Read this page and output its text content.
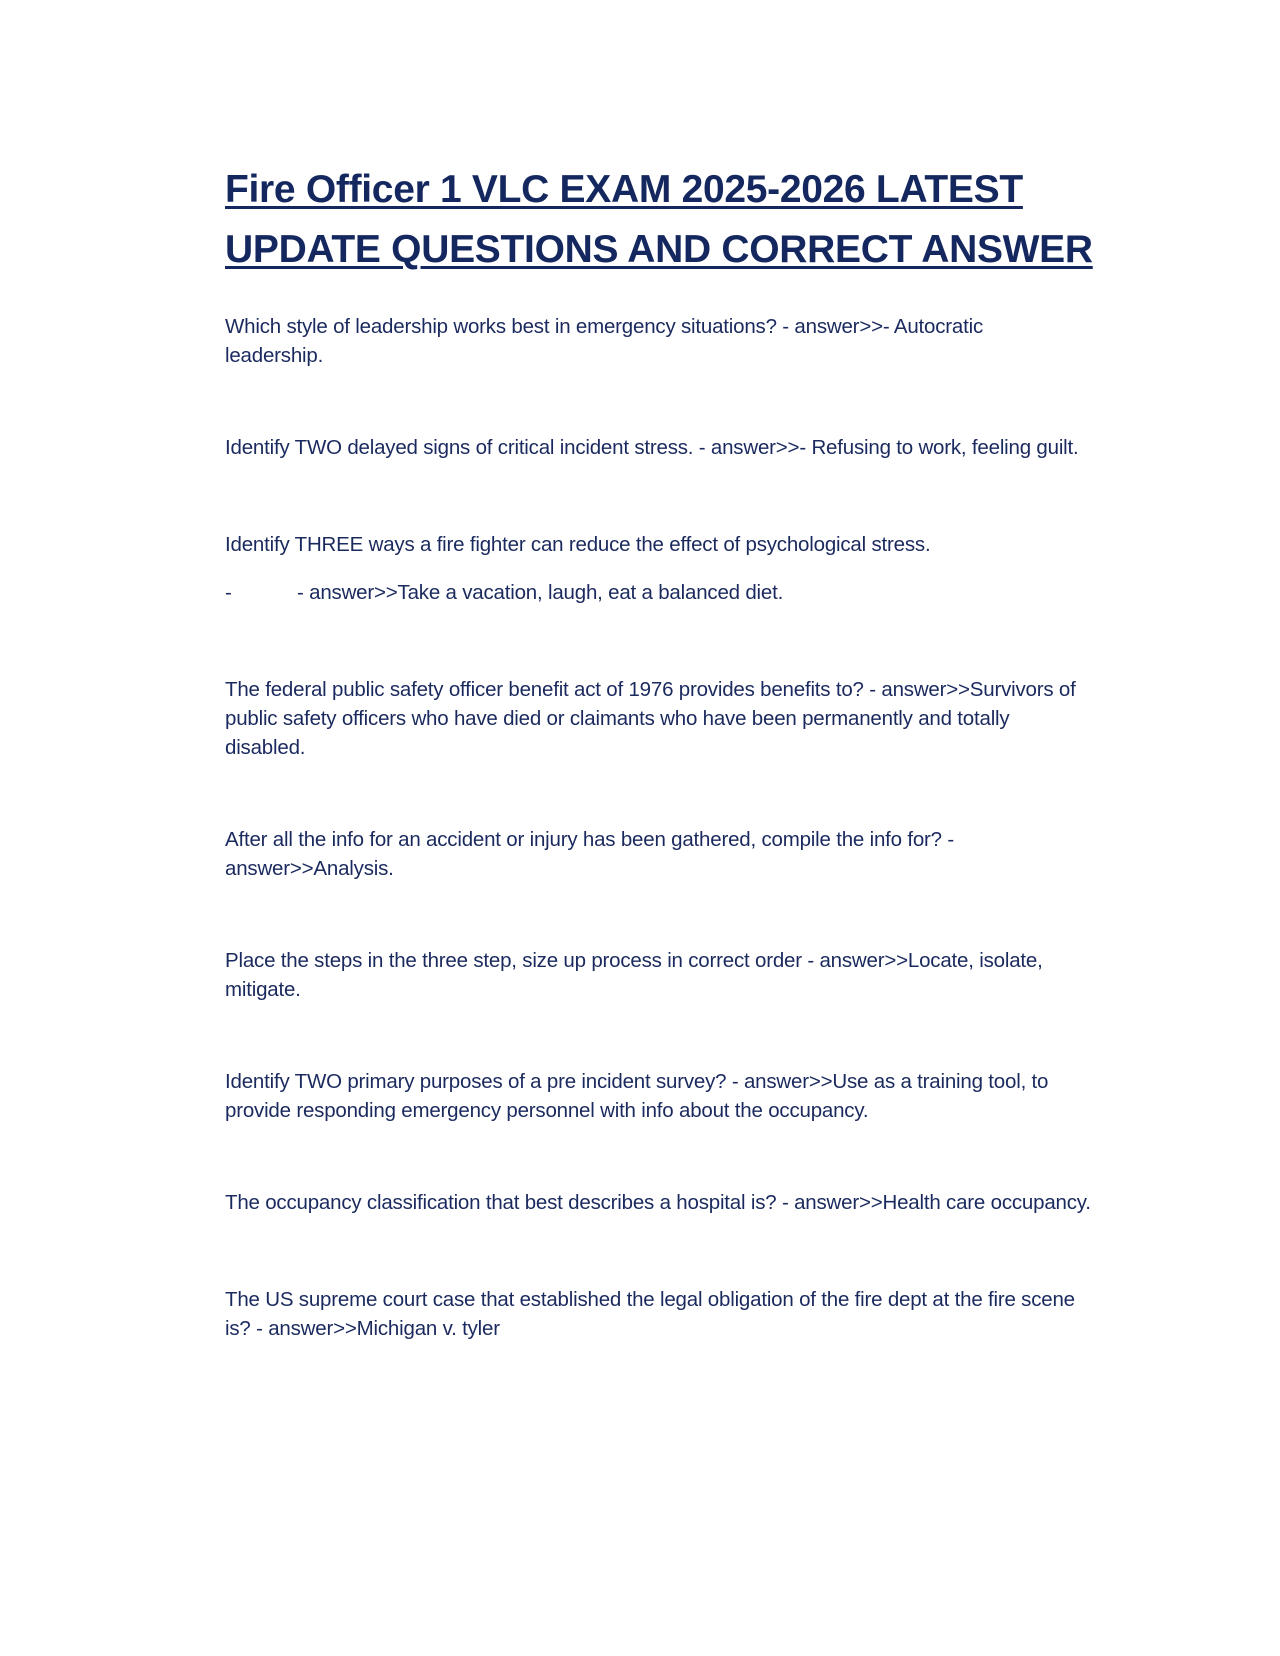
Fire Officer 1 VLC EXAM 2025-2026 LATEST
UPDATE QUESTIONS AND CORRECT ANSWER
Which style of leadership works best in emergency situations? - answer>>- Autocratic
leadership.
Identify TWO delayed signs of critical incident stress. - answer>>- Refusing to work, feeling guilt.
Identify THREE ways a fire fighter can reduce the effect of psychological stress.
-	- answer>>Take a vacation, laugh, eat a balanced diet.
The federal public safety officer benefit act of 1976 provides benefits to? - answer>>Survivors of
public safety officers who have died or claimants who have been permanently and totally
disabled.
After all the info for an accident or injury has been gathered, compile the info for? -
answer>>Analysis.
Place the steps in the three step, size up process in correct order - answer>>Locate, isolate,
mitigate.
Identify TWO primary purposes of a pre incident survey? - answer>>Use as a training tool, to
provide responding emergency personnel with info about the occupancy.
The occupancy classification that best describes a hospital is? - answer>>Health care occupancy.
The US supreme court case that established the legal obligation of the fire dept at the fire scene
is? - answer>>Michigan v. tyler
